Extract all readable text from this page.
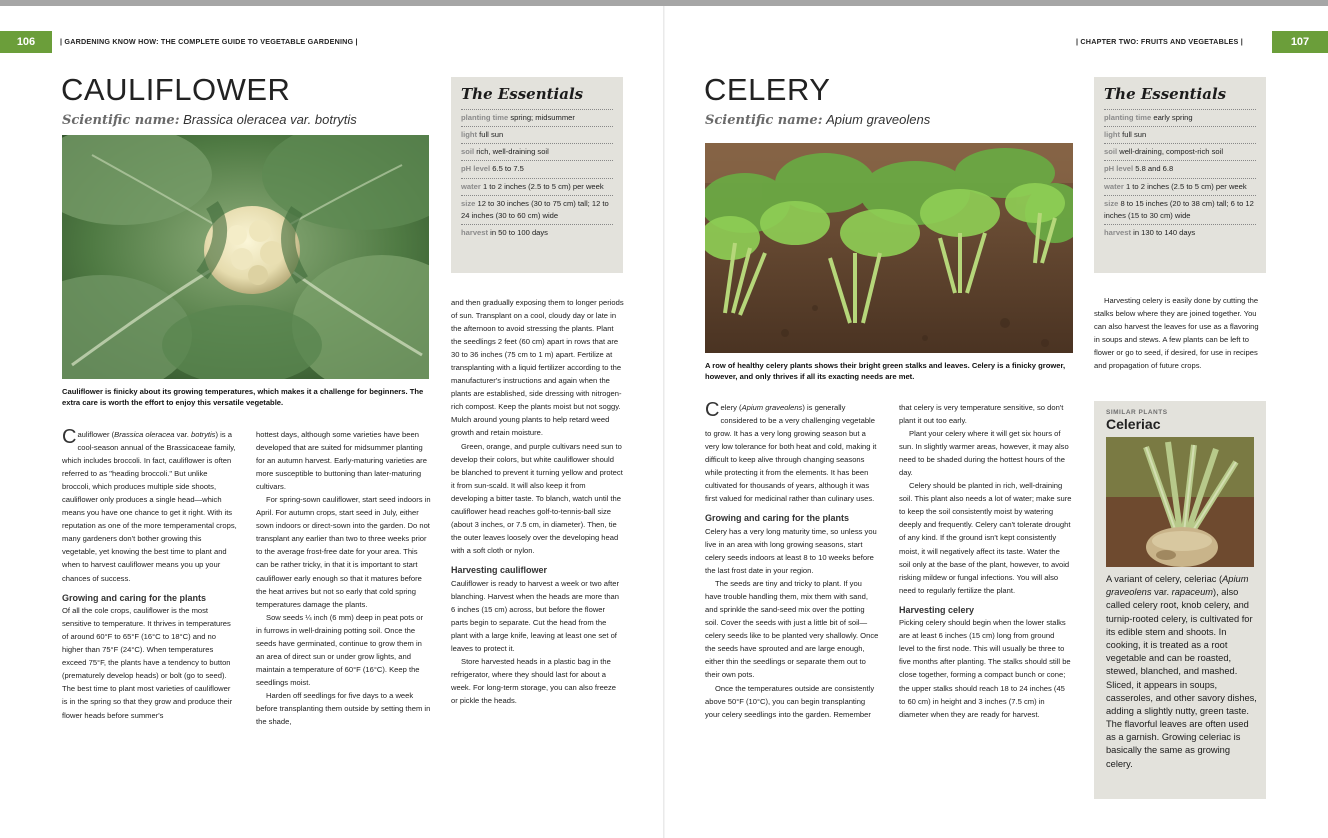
106	| GARDENING KNOW HOW: THE COMPLETE GUIDE TO VEGETABLE GARDENING |
CAULIFLOWER
Scientific name: Brassica oleracea var. botrytis
Cauliflower is finicky about its growing temperatures, which makes it a challenge for beginners. The extra care is worth the effort to enjoy this versatile vegetable.

Cauliflower (Brassica oleracea var. botrytis) is a cool-season annual of the Brassicaceae family, which includes broccoli. In fact, cauliflower is often referred to as "heading broccoli." But unlike broccoli, which produces multiple side shoots, cauliflower only produces a single head—which means you have one chance to get it right. With its reputation as one of the more temperamental crops, many gardeners don't bother growing this vegetable, yet knowing the best time to plant and when to harvest cauliflower means you up your chances of success.

Growing and caring for the plants

Of all the cole crops, cauliflower is the most sensitive to temperature. It thrives in temperatures of around 60°F to 65°F (16°C to 18°C) and no higher than 75°F (24°C). When temperatures exceed 75°F, the plants have a tendency to button (prematurely develop heads) or bolt (go to seed). The best time to plant most varieties of cauliflower is in the spring so that they grow and produce their flower heads before summer's

hottest days, although some varieties have been developed that are suited for midsummer planting for an autumn harvest. Early-maturing varieties are more susceptible to buttoning than later-maturing cultivars.

For spring-sown cauliflower, start seed indoors in April. For autumn crops, start seed in July, either sown indoors or direct-sown into the garden. Do not transplant any earlier than two to three weeks prior to the average frost-free date for your area. This can be rather tricky, in that it is important to start cauliflower early enough so that it matures before the heat arrives but not so early that cold spring temperatures damage the plants.

Sow seeds ¼ inch (6 mm) deep in peat pots or in furrows in well-draining potting soil. Once the seeds have germinated, continue to grow them in an area of direct sun or under grow lights, and maintain a temperature of 60°F (16°C). Keep the seedlings moist.

Harden off seedlings for five days to a week before transplanting them outside by setting them in the shade,

and then gradually exposing them to longer periods of sun. Transplant on a cool, cloudy day or late in the afternoon to avoid stressing the plants. Plant the seedlings 2 feet (60 cm) apart in rows that are 30 to 36 inches (75 cm to 1 m) apart. Fertilize at transplanting with a liquid fertilizer according to the manufacturer's instructions and again when the plants are established, side dressing with nitrogen-rich compost. Keep the plants moist but not soggy. Mulch around young plants to help retard weed growth and retain moisture.

Green, orange, and purple cultivars need sun to develop their colors, but white cauliflower should be blanched to prevent it turning yellow and protect it from sun-scald. It will also keep it from developing a bitter taste. To blanch, watch until the cauliflower head reaches golf-to-tennis-ball size (about 3 inches, or 7.5 cm, in diameter). Then, tie the outer leaves loosely over the developing head with a soft cloth or nylon.

Harvesting cauliflower

Cauliflower is ready to harvest a week or two after blanching. Harvest when the heads are more than 6 inches (15 cm) across, but before the flower parts begin to separate. Cut the head from the plant with a large knife, leaving at least one set of leaves to protect it.

Store harvested heads in a plastic bag in the refrigerator, where they should last for about a week. For long-term storage, you can also freeze or pickle the heads.

The Essentials
planting time spring; midsummer
light full sun
soil rich, well-draining soil
pH level 6.5 to 7.5
water 1 to 2 inches (2.5 to 5 cm) per week
size 12 to 30 inches (30 to 75 cm) tall; 12 to 24 inches (30 to 60 cm) wide
harvest in 50 to 100 days
107
| CHAPTER TWO: FRUITS AND VEGETABLES |
CELERY
Scientific name: Apium graveolens
A row of healthy celery plants shows their bright green stalks and leaves. Celery is a finicky grower, however, and only thrives if all its exacting needs are met.

Celery (Apium graveolens) is generally considered to be a very challenging vegetable to grow. It has a very long growing season but a very low tolerance for both heat and cold, making it difficult to keep alive through changing seasons while protecting it from the elements. It has been cultivated for thousands of years, although it was first valued for medicinal rather than culinary uses.

Growing and caring for the plants

Celery has a very long maturity time, so unless you live in an area with long growing seasons, start celery seeds indoors at least 8 to 10 weeks before the last frost date in your region.

The seeds are tiny and tricky to plant. If you have trouble handling them, mix them with sand, and sprinkle the sand-seed mix over the potting soil. Cover the seeds with just a little bit of soil—celery seeds like to be planted very shallowly. Once the seeds have sprouted and are large enough, either thin the seedlings or separate them out to their own pots.

Once the temperatures outside are consistently above 50°F (10°C), you can begin transplanting your celery seedlings into the garden. Remember

that celery is very temperature sensitive, so don't plant it out too early.

Plant your celery where it will get six hours of sun. In slightly warmer areas, however, it may also need to be shaded during the hottest hours of the day.

Celery should be planted in rich, well-draining soil. This plant also needs a lot of water; make sure to keep the soil consistently moist by watering deeply and frequently. Celery can't tolerate drought of any kind. If the ground isn't kept consistently moist, it will negatively affect its taste. Water the soil only at the base of the plant, however, to avoid risking mildew or fungal infections. You will also need to regularly fertilize the plant.

Harvesting celery

Picking celery should begin when the lower stalks are at least 6 inches (15 cm) long from ground level to the first node. This will usually be three to five months after planting. The stalks should still be close together, forming a compact bunch or cone; the upper stalks should reach 18 to 24 inches (45 to 60 cm) in height and 3 inches (7.5 cm) in diameter when they are ready for harvest.

The Essentials
planting time early spring
light full sun
soil well-draining, compost-rich soil
pH level 5.8 and 6.8
water 1 to 2 inches (2.5 to 5 cm) per week
size 8 to 15 inches (20 to 38 cm) tall; 6 to 12 inches (15 to 30 cm) wide
harvest in 130 to 140 days

Harvesting celery is easily done by cutting the stalks below where they are joined together. You can also harvest the leaves for use as a flavoring in soups and stews. A few plants can be left to flower or go to seed, if desired, for use in recipes and propagation of future crops.

SIMILAR PLANTS
Celeriac
A variant of celery, celeriac (Apium graveolens var. rapaceum), also called celery root, knob celery, and turnip-rooted celery, is cultivated for its edible stem and shoots. In cooking, it is treated as a root vegetable and can be roasted, stewed, blanched, and mashed. Sliced, it appears in soups, casseroles, and other savory dishes, adding a slightly nutty, green taste. The flavorful leaves are often used as a garnish. Growing celeriac is basically the same as growing celery.
